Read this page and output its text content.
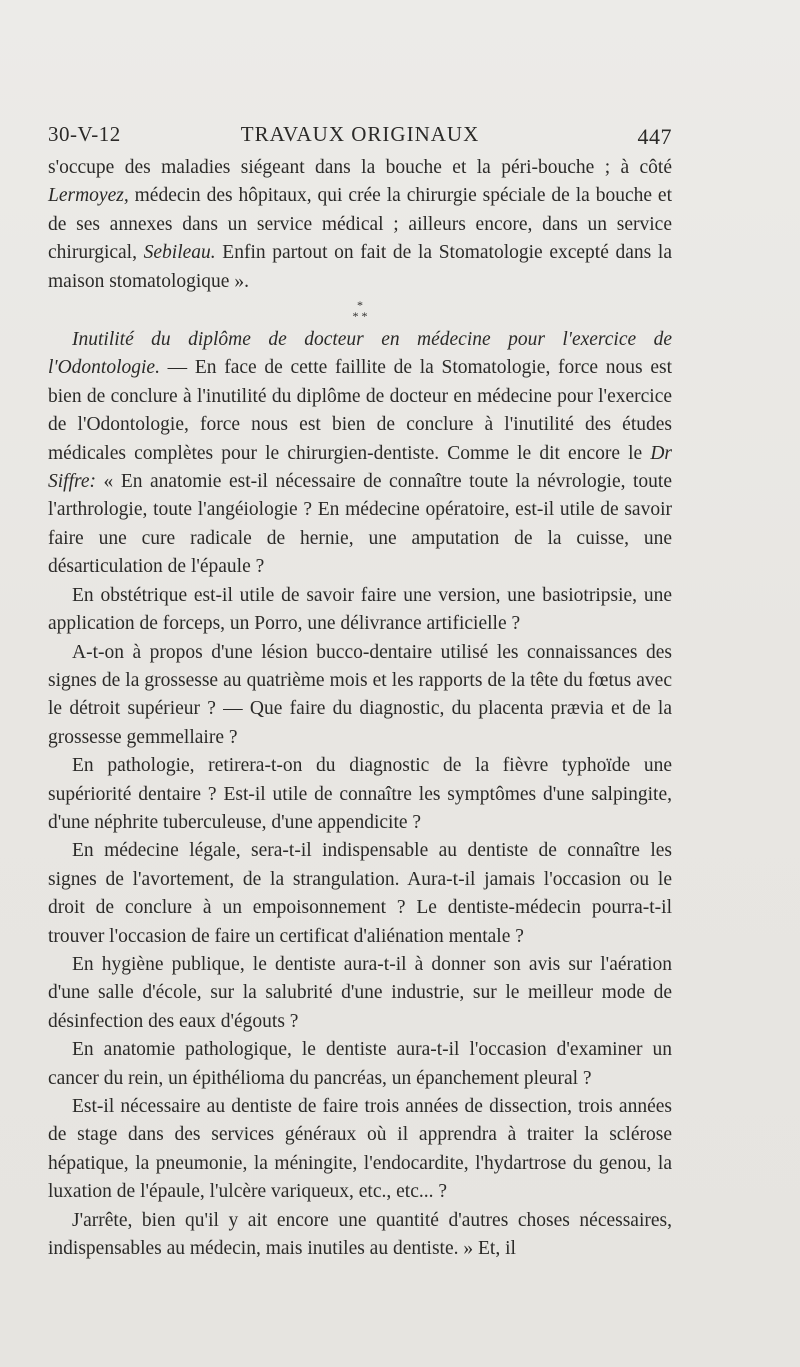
30-V-12	TRAVAUX ORIGINAUX	447

s'occupe des maladies siégeant dans la bouche et la péri-bouche ; à côté Lermoyez, médecin des hôpitaux, qui crée la chirurgie spéciale de la bouche et de ses annexes dans un service médical ; ailleurs encore, dans un service chirurgical, Sebileau. Enfin partout on fait de la Stomatologie excepté dans la maison stomatologique ».

*
* *

Inutilité du diplôme de docteur en médecine pour l'exercice de l'Odontologie. — En face de cette faillite de la Stomatologie, force nous est bien de conclure à l'inutilité du diplôme de docteur en médecine pour l'exercice de l'Odontologie, force nous est bien de conclure à l'inutilité des études médicales complètes pour le chirurgien-dentiste. Comme le dit encore le Dr Siffre: « En anatomie est-il nécessaire de connaître toute la névrologie, toute l'arthrologie, toute l'angéiologie ? En médecine opératoire, est-il utile de savoir faire une cure radicale de hernie, une amputation de la cuisse, une désarticulation de l'épaule ?

En obstétrique est-il utile de savoir faire une version, une basiotripsie, une application de forceps, un Porro, une délivrance artificielle ?

A-t-on à propos d'une lésion bucco-dentaire utilisé les connaissances des signes de la grossesse au quatrième mois et les rapports de la tête du fœtus avec le détroit supérieur ? — Que faire du diagnostic, du placenta prævia et de la grossesse gemmellaire ?

En pathologie, retirera-t-on du diagnostic de la fièvre typhoïde une supériorité dentaire ? Est-il utile de connaître les symptômes d'une salpingite, d'une néphrite tuberculeuse, d'une appendicite ?

En médecine légale, sera-t-il indispensable au dentiste de connaître les signes de l'avortement, de la strangulation. Aura-t-il jamais l'occasion ou le droit de conclure à un empoisonnement ? Le dentiste-médecin pourra-t-il trouver l'occasion de faire un certificat d'aliénation mentale ?

En hygiène publique, le dentiste aura-t-il à donner son avis sur l'aération d'une salle d'école, sur la salubrité d'une industrie, sur le meilleur mode de désinfection des eaux d'égouts ?

En anatomie pathologique, le dentiste aura-t-il l'occasion d'examiner un cancer du rein, un épithélioma du pancréas, un épanchement pleural ?

Est-il nécessaire au dentiste de faire trois années de dissection, trois années de stage dans des services généraux où il apprendra à traiter la sclérose hépatique, la pneumonie, la méningite, l'endocardite, l'hydartrose du genou, la luxation de l'épaule, l'ulcère variqueux, etc., etc... ?

J'arrête, bien qu'il y ait encore une quantité d'autres choses nécessaires, indispensables au médecin, mais inutiles au dentiste. » Et, il
